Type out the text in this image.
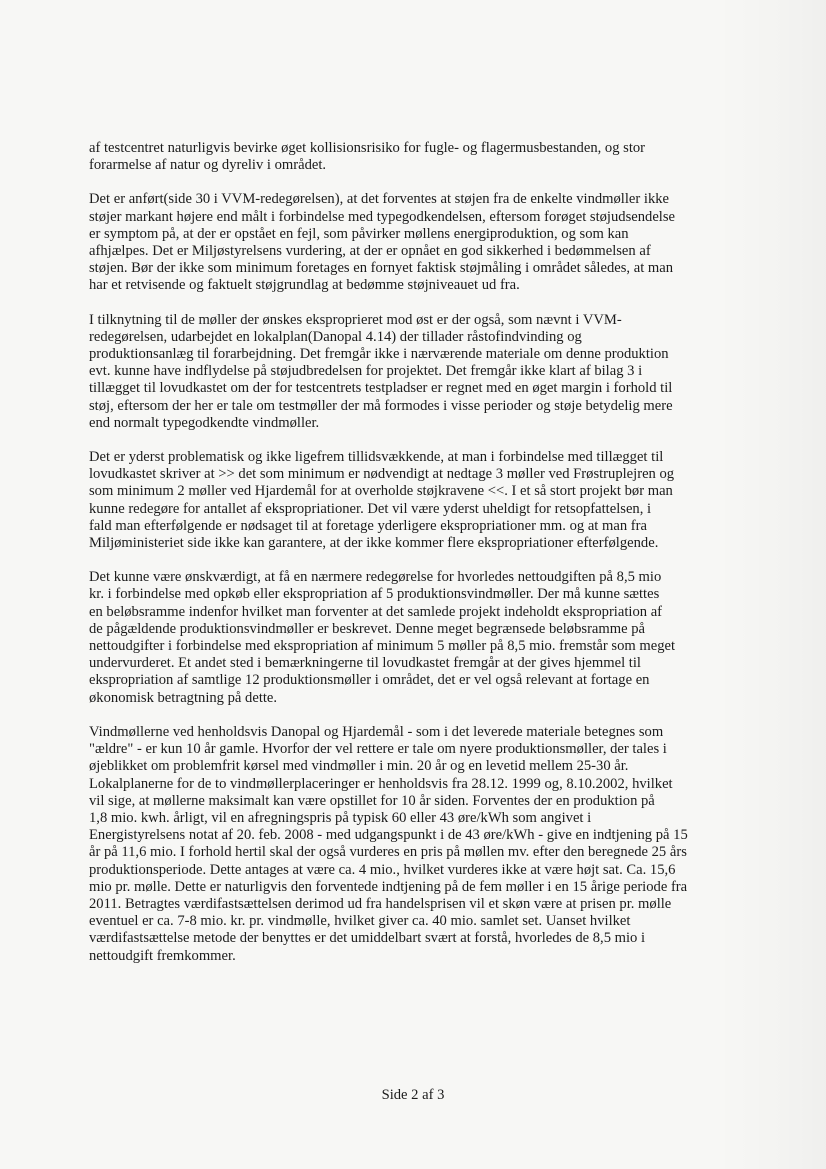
af testcentret naturligvis bevirke øget kollisionsrisiko for fugle- og flagermusbestanden, og stor
forarmelse af natur og dyreliv i området.

Det er anført(side 30 i VVM-redegørelsen), at det forventes at støjen fra de enkelte vindmøller ikke
støjer markant højere end målt i forbindelse med typegodkendelsen, eftersom forøget støjudsendelse
er symptom på, at der er opstået en fejl, som påvirker møllens energiproduktion, og som kan
afhjælpes. Det er Miljøstyrelsens vurdering, at der er opnået en god sikkerhed i bedømmelsen af
støjen. Bør der ikke som minimum foretages en fornyet faktisk støjmåling i området således, at man
har et retvisende og faktuelt støjgrundlag at bedømme støjniveauet ud fra.

I tilknytning til de møller der ønskes eksproprieret mod øst er der også, som nævnt i VVM-
redegørelsen, udarbejdet en lokalplan(Danopal 4.14) der tillader råstofindvinding og
produktionsanlæg til forarbejdning. Det fremgår ikke i nærværende materiale om denne produktion
evt. kunne have indflydelse på støjudbredelsen for projektet. Det fremgår ikke klart af bilag 3 i
tillægget til lovudkastet om der for testcentrets testpladser er regnet med en øget margin i forhold til
støj, eftersom der her er tale om testmøller der må formodes i visse perioder og støje betydelig mere
end normalt typegodkendte vindmøller.

Det er yderst problematisk og ikke ligefrem tillidsvækkende, at man i forbindelse med tillægget til
lovudkastet skriver at >> det som minimum er nødvendigt at nedtage 3 møller ved Frøstruplejren og
som minimum 2 møller ved Hjardemål for at overholde støjkravene <<. I et så stort projekt bør man
kunne redegøre for antallet af ekspropriationer. Det vil være yderst uheldigt for retsopfattelsen, i
fald man efterfølgende er nødsaget til at foretage yderligere ekspropriationer mm. og at man fra
Miljøministeriet side ikke kan garantere, at der ikke kommer flere ekspropriationer efterfølgende.

Det kunne være ønskværdigt, at få en nærmere redegørelse for hvorledes nettoudgiften på 8,5 mio
kr. i forbindelse med opkøb eller ekspropriation af 5 produktionsvindmøller. Der må kunne sættes
en beløbsramme indenfor hvilket man forventer at det samlede projekt indeholdt ekspropriation af
de pågældende produktionsvindmøller er beskrevet. Denne meget begrænsede beløbsramme på
nettoudgifter i forbindelse med ekspropriation af minimum 5 møller på 8,5 mio. fremstår som meget
undervurderet. Et andet sted i bemærkningerne til lovudkastet fremgår at der gives hjemmel til
ekspropriation af samtlige 12 produktionsmøller i området, det er vel også relevant at fortage en
økonomisk betragtning på dette.

Vindmøllerne ved henholdsvis Danopal og Hjardemål - som i det leverede materiale betegnes som
"ældre" - er kun 10 år gamle. Hvorfor der vel rettere er tale om nyere produktionsmøller, der tales i
øjeblikket om problemfrit kørsel med vindmøller i min. 20 år og en levetid mellem 25-30 år.
Lokalplanerne for de to vindmøllerplaceringer er henholdsvis fra 28.12. 1999 og, 8.10.2002, hvilket
vil sige, at møllerne maksimalt kan være opstillet for 10 år siden. Forventes der en produktion på
1,8 mio. kwh. årligt, vil en afregningspris på typisk 60 eller 43 øre/kWh som angivet i
Energistyrelsens notat af 20. feb. 2008 - med udgangspunkt i de 43 øre/kWh - give en indtjening på 15
år på 11,6 mio. I forhold hertil skal der også vurderes en pris på møllen mv. efter den beregnede 25 års
produktionsperiode. Dette antages at være ca. 4 mio., hvilket vurderes ikke at være højt sat. Ca. 15,6
mio pr. mølle. Dette er naturligvis den forventede indtjening på de fem møller i en 15 årige periode fra
2011. Betragtes værdifastsættelsen derimod ud fra handelsprisen vil et skøn være at prisen pr. mølle
eventuel er ca. 7-8 mio. kr. pr. vindmølle, hvilket giver ca. 40 mio. samlet set. Uanset hvilket
værdifastsættelse metode der benyttes er det umiddelbart svært at forstå, hvorledes de 8,5 mio i
nettoudgift fremkommer.

Side 2 af 3
